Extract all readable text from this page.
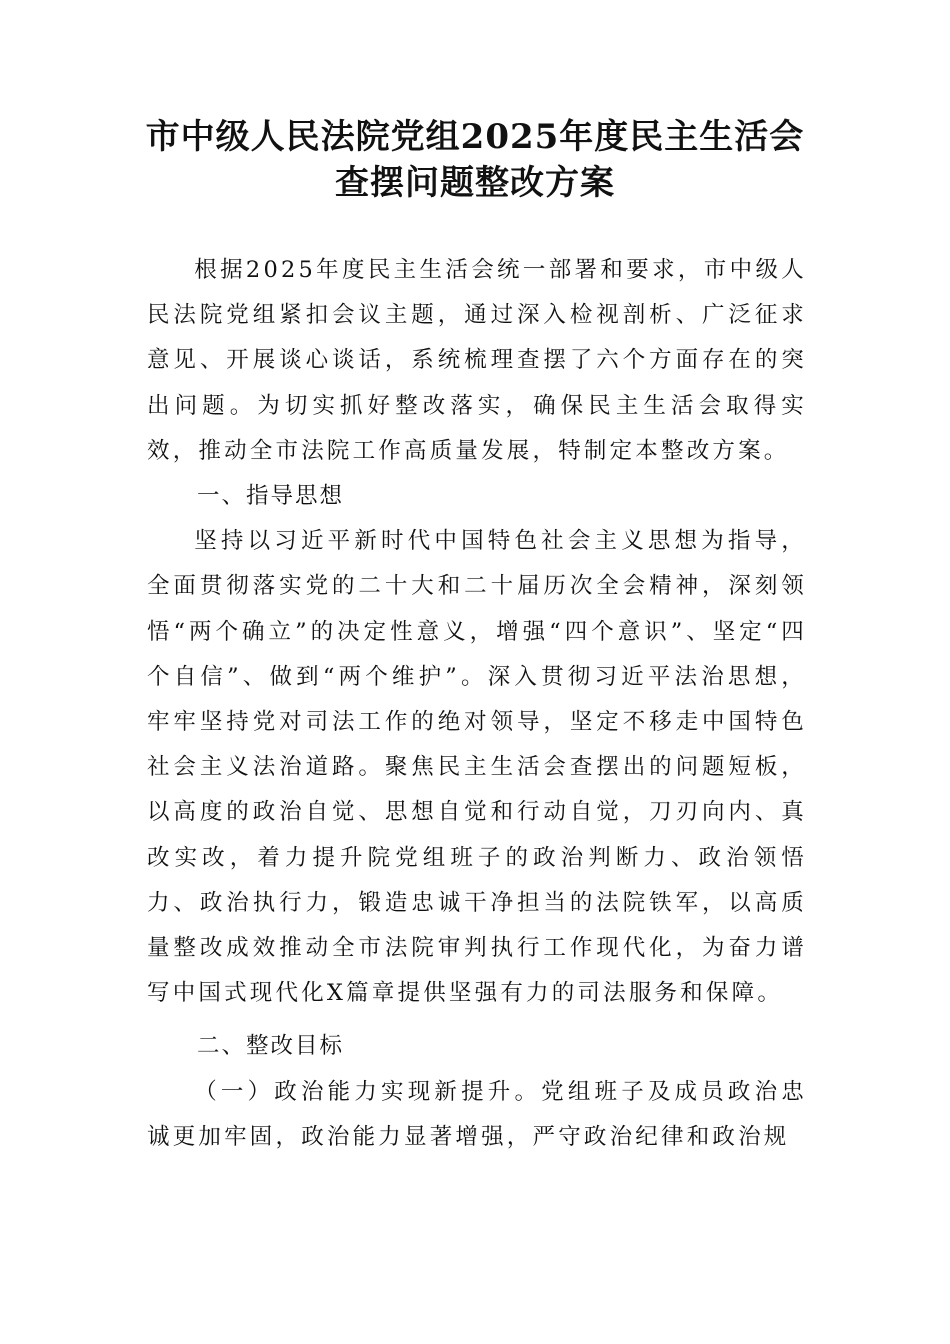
市中级人民法院党组2025年度民主生活会
查摆问题整改方案

根据2025年度民主生活会统一部署和要求，市中级人民法院党组紧扣会议主题，通过深入检视剖析、广泛征求意见、开展谈心谈话，系统梳理查摆了六个方面存在的突出问题。为切实抓好整改落实，确保民主生活会取得实效，推动全市法院工作高质量发展，特制定本整改方案。

一、指导思想

坚持以习近平新时代中国特色社会主义思想为指导，全面贯彻落实党的二十大和二十届历次全会精神，深刻领悟“两个确立”的决定性意义，增强“四个意识”、坚定“四个自信”、做到“两个维护”。深入贯彻习近平法治思想，牢牢坚持党对司法工作的绝对领导，坚定不移走中国特色社会主义法治道路。聚焦民主生活会查摆出的问题短板，以高度的政治自觉、思想自觉和行动自觉，刀刃向内、真改实改，着力提升院党组班子的政治判断力、政治领悟力、政治执行力，锻造忠诚干净担当的法院铁军，以高质量整改成效推动全市法院审判执行工作现代化，为奋力谱写中国式现代化X篇章提供坚强有力的司法服务和保障。

二、整改目标

（一）政治能力实现新提升。党组班子及成员政治忠诚更加牢固，政治能力显著增强，严守政治纪律和政治规
